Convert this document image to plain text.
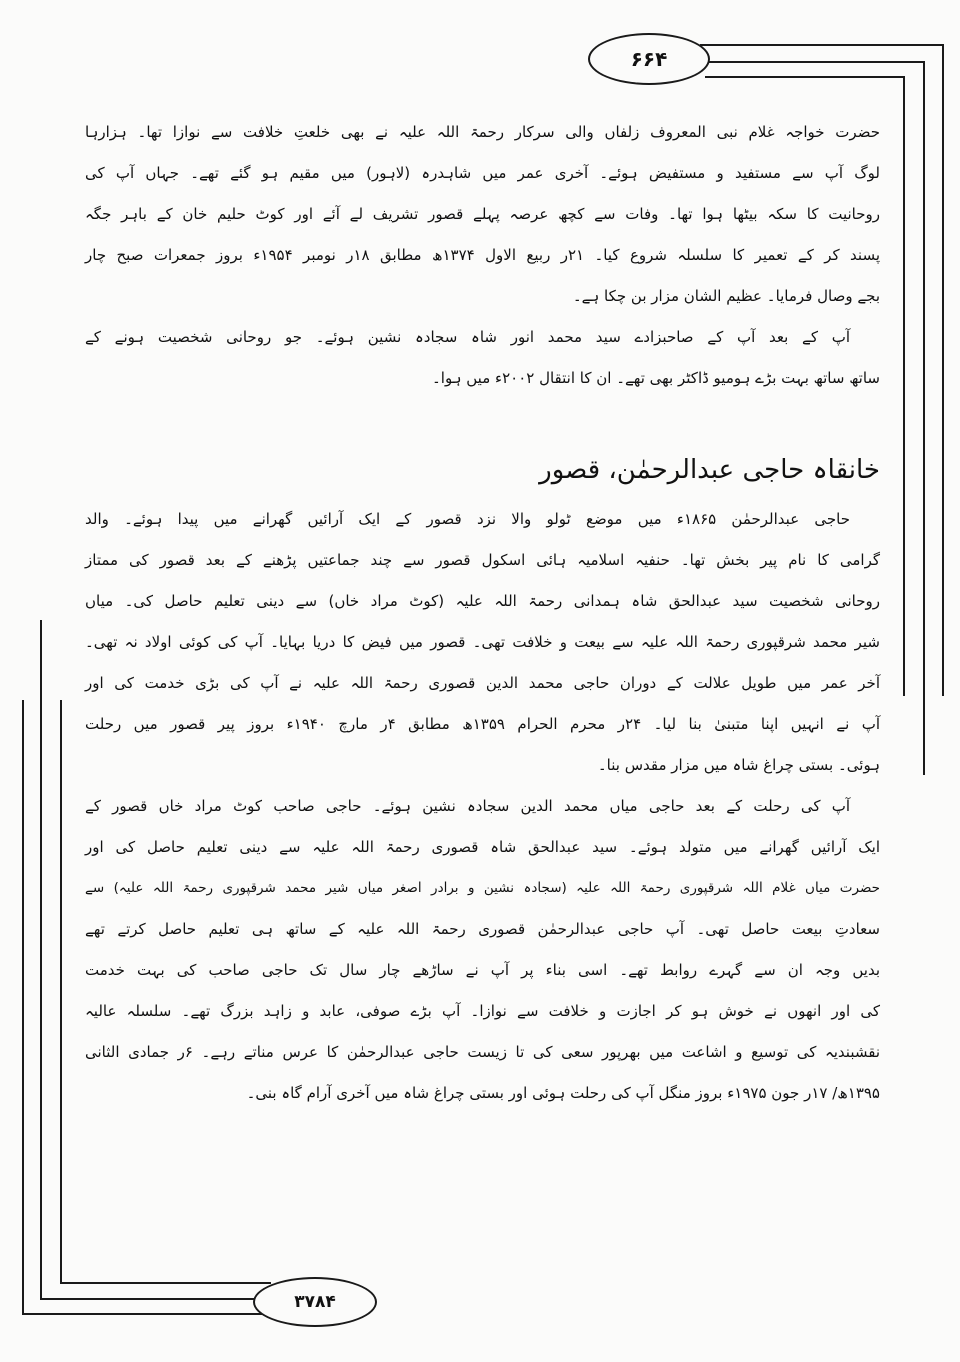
۶۶۴
۳۷۸۴
حضرت خواجہ غلام نبی المعروف زلفاں والی سرکار رحمۃ اللہ علیہ نے بھی خلعتِ خلافت سے نوازا تھا۔ ہزارہا
لوگ آپ سے مستفید و مستفیض ہوئے۔ آخری عمر میں شاہدرہ (لاہور) میں مقیم ہو گئے تھے۔ جہاں آپ کی
روحانیت کا سکہ بیٹھا ہوا تھا۔ وفات سے کچھ عرصہ پہلے قصور تشریف لے آئے اور کوٹ حلیم خان کے باہر جگہ
پسند کر کے تعمیر کا سلسلہ شروع کیا۔ ۲۱ر ربیع الاول ۱۳۷۴ھ مطابق ۱۸ر نومبر ۱۹۵۴ء بروز جمعرات صبح چار
بجے وصال فرمایا۔ عظیم الشان مزار بن چکا ہے۔
آپ کے بعد آپ کے صاحبزادے سید محمد انور شاہ سجادہ نشین ہوئے۔ جو روحانی شخصیت ہونے کے
ساتھ ساتھ بہت بڑے ہومیو ڈاکٹر بھی تھے۔ ان کا انتقال ۲۰۰۲ء میں ہوا۔
خانقاہ حاجی عبدالرحمٰن، قصور
حاجی عبدالرحمٰن ۱۸۶۵ء میں موضع ٹولو والا نزد قصور کے ایک آرائیں گھرانے میں پیدا ہوئے۔ والد
گرامی کا نام پیر بخش تھا۔ حنفیہ اسلامیہ ہائی اسکول قصور سے چند جماعتیں پڑھنے کے بعد قصور کی ممتاز
روحانی شخصیت سید عبدالحق شاہ ہمدانی رحمۃ اللہ علیہ (کوٹ مراد خاں) سے دینی تعلیم حاصل کی۔ میاں
شیر محمد شرقپوری رحمۃ اللہ علیہ سے بیعت و خلافت تھی۔ قصور میں فیض کا دریا بہایا۔ آپ کی کوئی اولاد نہ تھی۔
آخر عمر میں طویل علالت کے دوران حاجی محمد الدین قصوری رحمۃ اللہ علیہ نے آپ کی بڑی خدمت کی اور
آپ نے انہیں اپنا متبنیٰ بنا لیا۔ ۲۴ر محرم الحرام ۱۳۵۹ھ مطابق ۴ر مارچ ۱۹۴۰ء بروز پیر قصور میں رحلت
ہوئی۔ بستی چراغ شاہ میں مزار مقدس بنا۔
آپ کی رحلت کے بعد حاجی میاں محمد الدین سجادہ نشین ہوئے۔ حاجی صاحب کوٹ مراد خاں قصور کے
ایک آرائیں گھرانے میں متولد ہوئے۔ سید عبدالحق شاہ قصوری رحمۃ اللہ علیہ سے دینی تعلیم حاصل کی اور
حضرت میاں غلام اللہ شرقپوری رحمۃ اللہ علیہ (سجادہ نشین و برادر اصغر میاں شیر محمد شرقپوری رحمۃ اللہ علیہ) سے
سعادتِ بیعت حاصل تھی۔ آپ حاجی عبدالرحمٰن قصوری رحمۃ اللہ علیہ کے ساتھ ہی تعلیم حاصل کرتے تھے
بدیں وجہ ان سے گہرے روابط تھے۔ اسی بناء پر آپ نے ساڑھے چار سال تک حاجی صاحب کی بہت خدمت
کی اور انھوں نے خوش ہو کر اجازت و خلافت سے نوازا۔ آپ بڑے صوفی، عابد و زاہد بزرگ تھے۔ سلسلہ عالیہ
نقشبندیہ کی توسیع و اشاعت میں بھرپور سعی کی تا زیست حاجی عبدالرحمٰن کا عرس مناتے رہے۔ ۶ر جمادی الثانی
۱۳۹۵ھ/ ۱۷ر جون ۱۹۷۵ء بروز منگل آپ کی رحلت ہوئی اور بستی چراغ شاہ میں آخری آرام گاہ بنی۔
